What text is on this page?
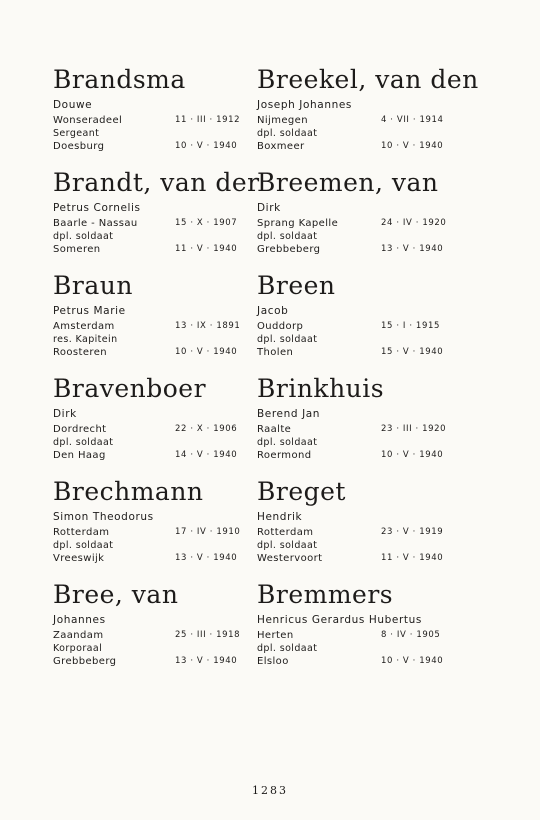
Brandsma
Douwe
Wonseradeel	11 · III · 1912
Sergeant
Doesburg	10 · V · 1940
Brandt, van der
Petrus Cornelis
Baarle - Nassau	15 · X · 1907
dpl. soldaat
Someren	11 · V · 1940
Braun
Petrus Marie
Amsterdam	13 · IX · 1891
res. Kapitein
Roosteren	10 · V · 1940
Bravenboer
Dirk
Dordrecht	22 · X · 1906
dpl. soldaat
Den Haag	14 · V · 1940
Brechmann
Simon Theodorus
Rotterdam	17 · IV · 1910
dpl. soldaat
Vreeswijk	13 · V · 1940
Bree, van
Johannes
Zaandam	25 · III · 1918
Korporaal
Grebbeberg	13 · V · 1940
Breekel, van den
Joseph Johannes
Nijmegen	4 · VII · 1914
dpl. soldaat
Boxmeer	10 · V · 1940
Breemen, van
Dirk
Sprang Kapelle	24 · IV · 1920
dpl. soldaat
Grebbeberg	13 · V · 1940
Breen
Jacob
Ouddorp	15 · I · 1915
dpl. soldaat
Tholen	15 · V · 1940
Brinkhuis
Berend Jan
Raalte	23 · III · 1920
dpl. soldaat
Roermond	10 · V · 1940
Breget
Hendrik
Rotterdam	23 · V · 1919
dpl. soldaat
Westervoort	11 · V · 1940
Bremmers
Henricus Gerardus Hubertus
Herten	8 · IV · 1905
dpl. soldaat
Elsloo	10 · V · 1940
1283
